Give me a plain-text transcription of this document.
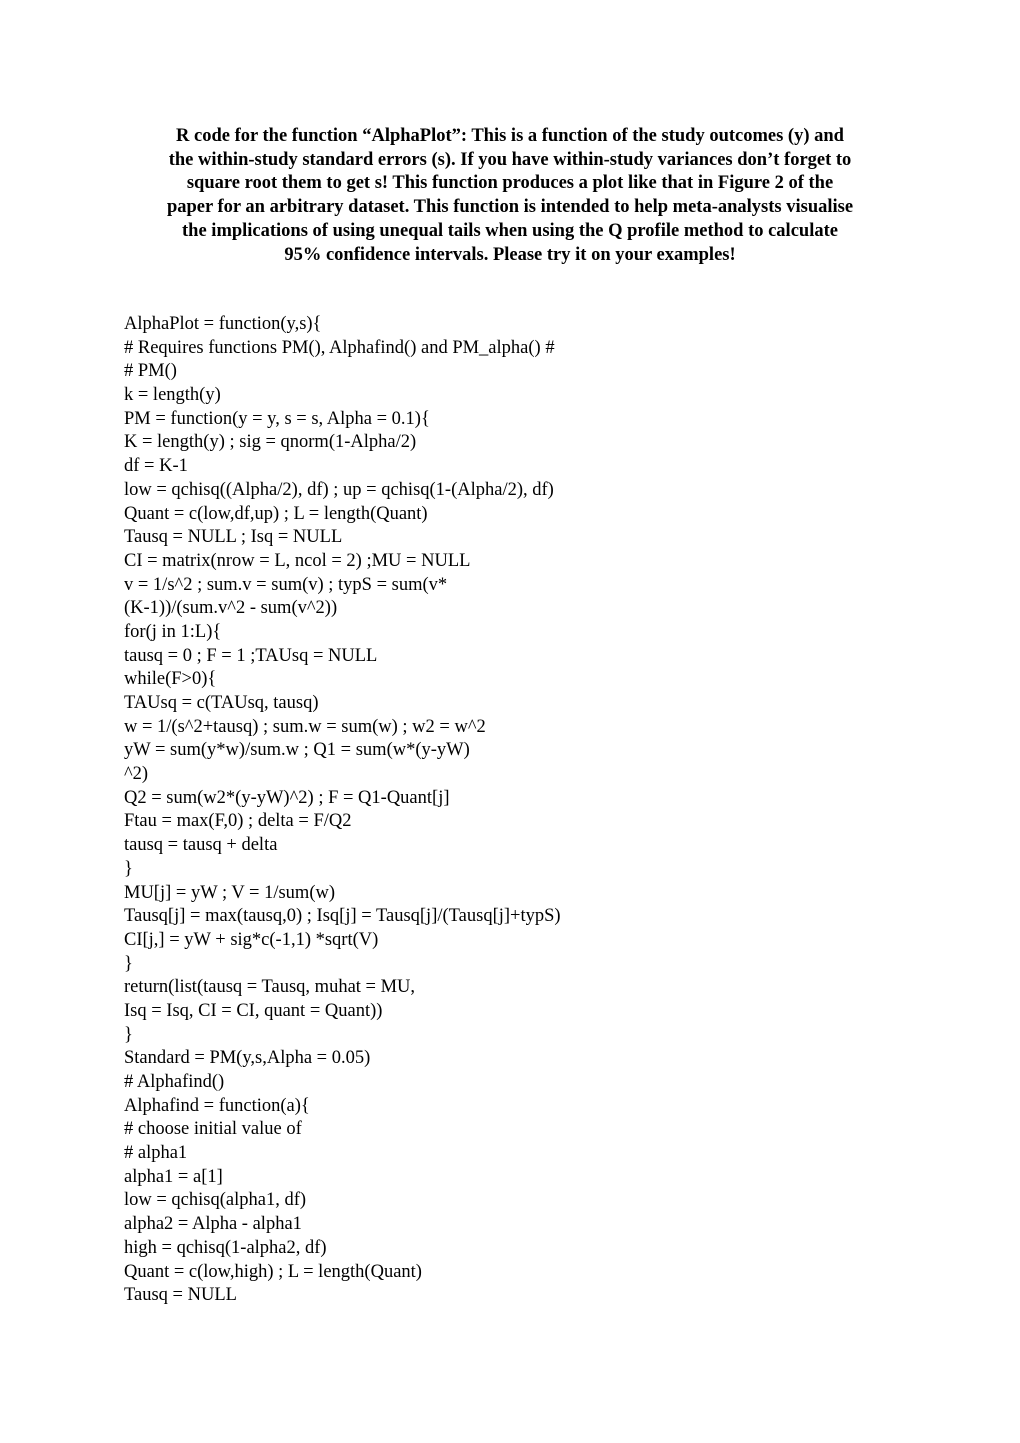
R code for the function “AlphaPlot”: This is a function of the study outcomes (y) and
the within-study standard errors (s). If you have within-study variances don’t forget to
square root them to get s! This function produces a plot like that in Figure 2 of the
paper for an arbitrary dataset. This function is intended to help meta-analysts visualise
the implications of using unequal tails when using the Q profile method to calculate
95% confidence intervals. Please try it on your examples!
AlphaPlot = function(y,s){
# Requires functions PM(), Alphafind() and PM_alpha() #
# PM()
k = length(y)
PM = function(y = y, s = s, Alpha = 0.1){
K = length(y) ; sig = qnorm(1-Alpha/2)
df = K-1
low = qchisq((Alpha/2), df) ; up = qchisq(1-(Alpha/2), df)
Quant = c(low,df,up) ; L = length(Quant)
Tausq = NULL ; Isq = NULL
CI = matrix(nrow = L, ncol = 2) ;MU = NULL
v = 1/s^2 ; sum.v = sum(v) ; typS = sum(v*
(K-1))/(sum.v^2 - sum(v^2))
for(j in 1:L){
tausq = 0 ; F = 1 ;TAUsq = NULL
while(F>0){
TAUsq = c(TAUsq, tausq)
w = 1/(s^2+tausq) ; sum.w = sum(w) ; w2 = w^2
yW = sum(y*w)/sum.w ; Q1 = sum(w*(y-yW)
^2)
Q2 = sum(w2*(y-yW)^2) ; F = Q1-Quant[j]
Ftau = max(F,0) ; delta = F/Q2
tausq = tausq + delta
}
MU[j] = yW ; V = 1/sum(w)
Tausq[j] = max(tausq,0) ; Isq[j] = Tausq[j]/(Tausq[j]+typS)
CI[j,] = yW + sig*c(-1,1) *sqrt(V)
}
return(list(tausq = Tausq, muhat = MU,
Isq = Isq, CI = CI, quant = Quant))
}
Standard = PM(y,s,Alpha = 0.05)
# Alphafind()
Alphafind = function(a){
# choose initial value of
# alpha1
alpha1 = a[1]
low = qchisq(alpha1, df)
alpha2 = Alpha - alpha1
high = qchisq(1-alpha2, df)
Quant = c(low,high) ; L = length(Quant)
Tausq = NULL
